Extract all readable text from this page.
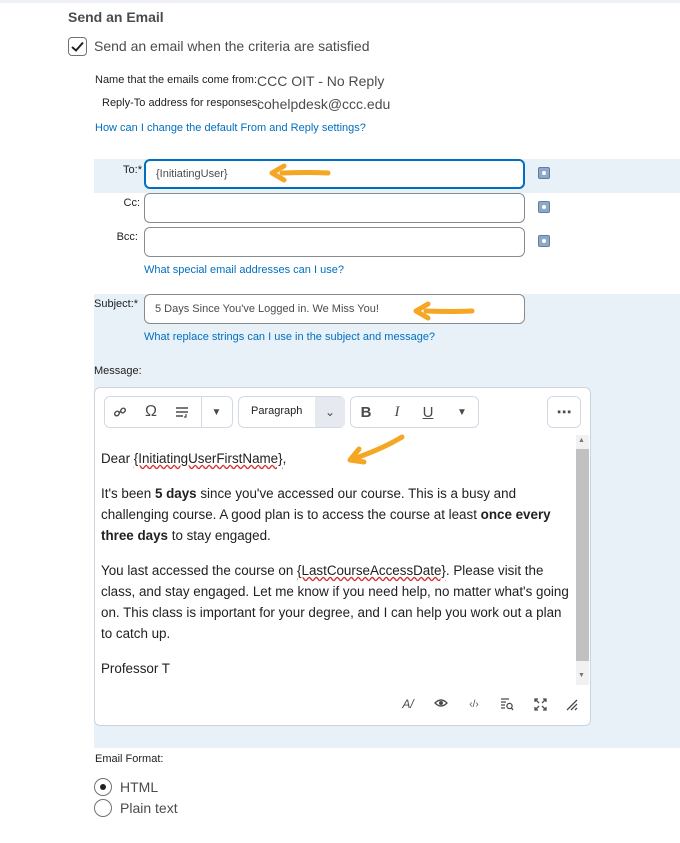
Send an Email
Send an email when the criteria are satisfied
Name that the emails come from: CCC OIT - No Reply
Reply-To address for responses:
cohelpdesk@ccc.edu
How can I change the default From and Reply settings?
To:* {InitiatingUser}
Cc:
Bcc:
What special email addresses can I use?
Subject:*	5 Days Since You've Logged in. We Miss You!
What replace strings can I use in the subject and message?
Message:
Ω	▼	Paragraph	⌄	B	I	U	▼	⋯

Dear {InitiatingUserFirstName},

It's been 5 days since you've accessed our course. This is a busy and challenging course. A good plan is to access the course at least once every three days to stay engaged.

You last accessed the course on {LastCourseAccessDate}. Please visit the class, and stay engaged. Let me know if you need help, no matter what's going on. This class is important for your degree, and I can help you work out a plan to catch up.

Professor T

▲
▼
A/	‹/›
Email Format:
HTML
Plain text
